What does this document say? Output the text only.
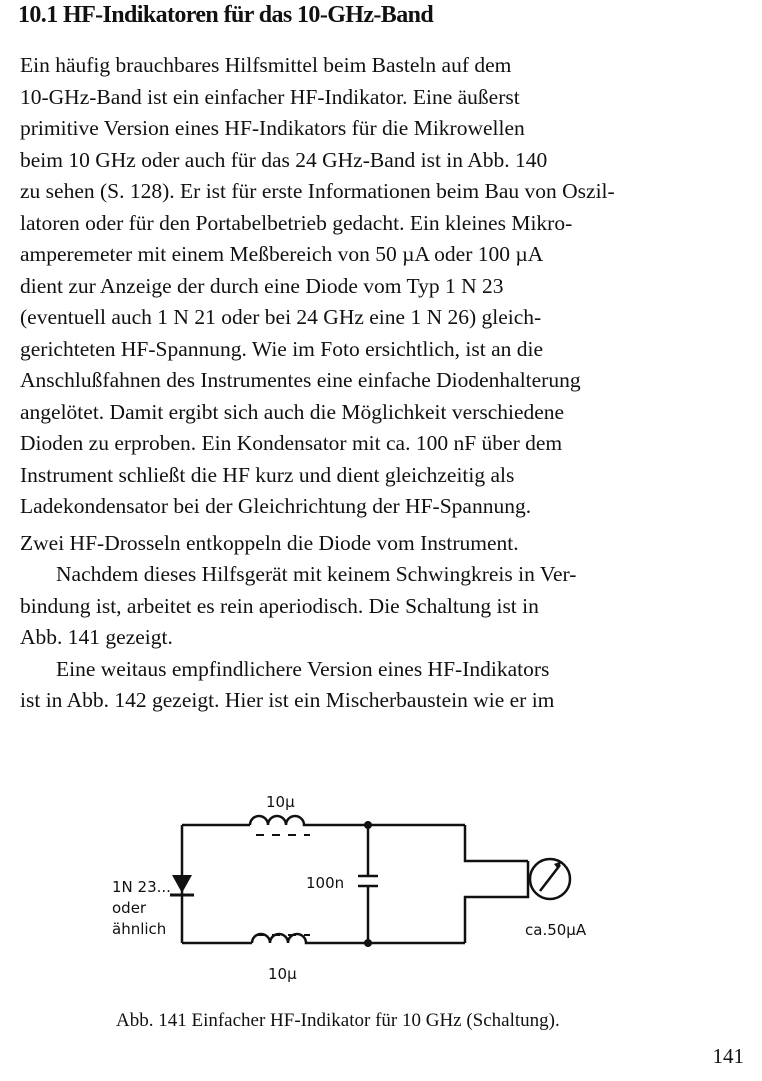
10.1 HF-Indikatoren für das 10-GHz-Band
Ein häufig brauchbares Hilfsmittel beim Basteln auf dem
10-GHz-Band ist ein einfacher HF-Indikator. Eine äußerst
primitive Version eines HF-Indikators für die Mikrowellen
beim 10 GHz oder auch für das 24 GHz-Band ist in Abb. 140
zu sehen (S. 128). Er ist für erste Informationen beim Bau von Oszil-
latoren oder für den Portabelbetrieb gedacht. Ein kleines Mikro-
amperemeter mit einem Meßbereich von 50 µA oder 100 µA
dient zur Anzeige der durch eine Diode vom Typ 1 N 23
(eventuell auch 1 N 21 oder bei 24 GHz eine 1 N 26) gleich-
gerichteten HF-Spannung. Wie im Foto ersichtlich, ist an die
Anschlußfahnen des Instrumentes eine einfache Diodenhalterung
angelötet. Damit ergibt sich auch die Möglichkeit verschiedene
Dioden zu erproben. Ein Kondensator mit ca. 100 nF über dem
Instrument schließt die HF kurz und dient gleichzeitig als
Ladekondensator bei der Gleichrichtung der HF-Spannung.
Zwei HF-Drosseln entkoppeln die Diode vom Instrument.
Nachdem dieses Hilfsgerät mit keinem Schwingkreis in Ver-
bindung ist, arbeitet es rein aperiodisch. Die Schaltung ist in
Abb. 141 gezeigt.
Eine weitaus empfindlichere Version eines HF-Indikators
ist in Abb. 142 gezeigt. Hier ist ein Mischerbaustein wie er im
10µ
10µ
100n
1N 23...
oder
ähnlich	ca.50µA
Abb. 141 Einfacher HF-Indikator für 10 GHz (Schaltung).
141
